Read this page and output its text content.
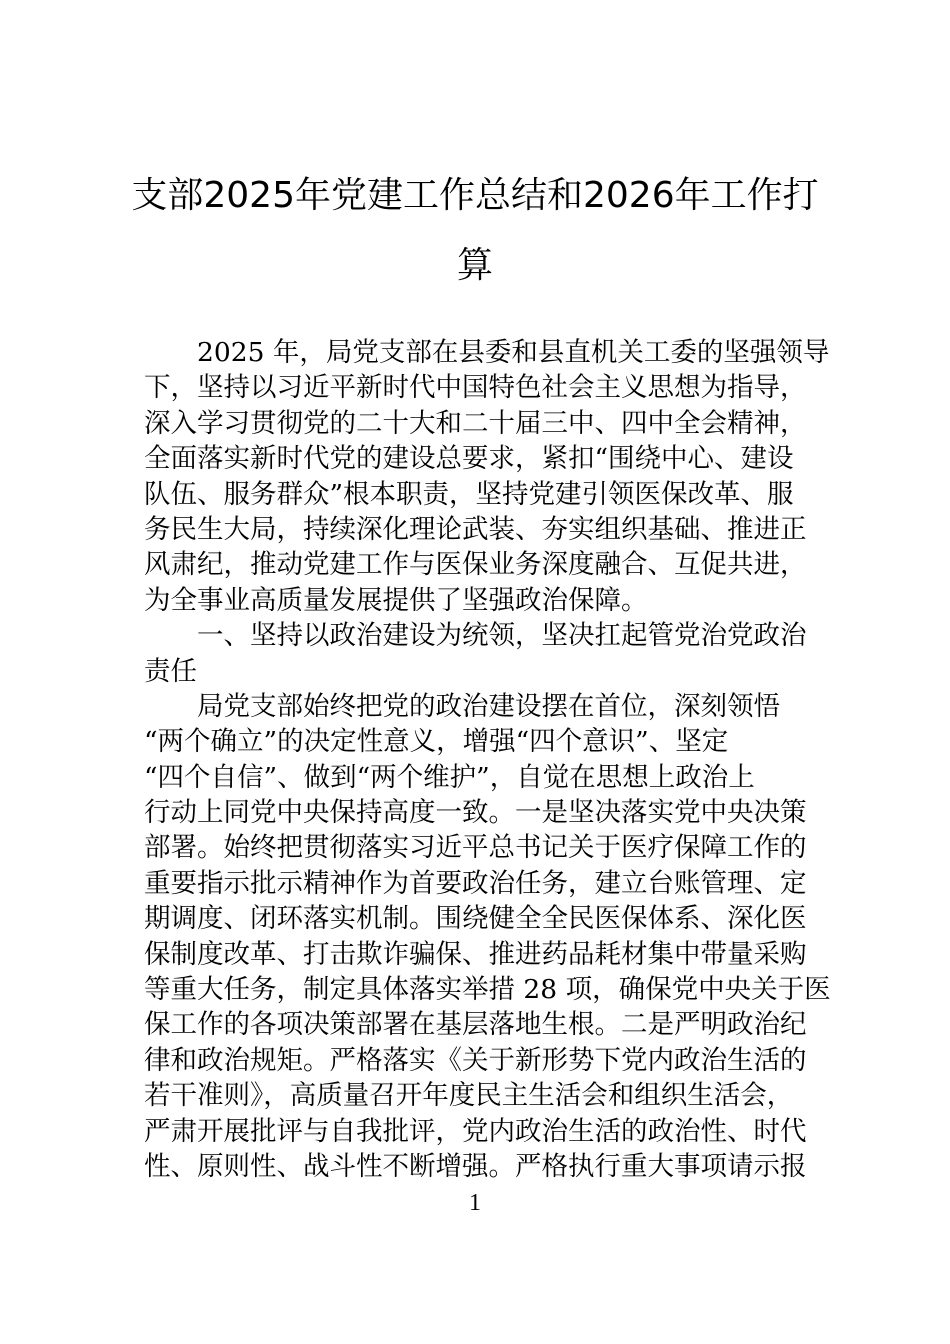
支部2025年党建工作总结和2026年工作打
算
2025 年，局党支部在县委和县直机关工委的坚强领导
下，坚持以习近平新时代中国特色社会主义思想为指导，
深入学习贯彻党的二十大和二十届三中、四中全会精神，
全面落实新时代党的建设总要求，紧扣“围绕中心、建设
队伍、服务群众”根本职责，坚持党建引领医保改革、服
务民生大局，持续深化理论武装、夯实组织基础、推进正
风肃纪，推动党建工作与医保业务深度融合、互促共进，
为全事业高质量发展提供了坚强政治保障。
一、坚持以政治建设为统领，坚决扛起管党治党政治
责任
局党支部始终把党的政治建设摆在首位，深刻领悟
“两个确立”的决定性意义，增强“四个意识”、坚定
“四个自信”、做到“两个维护”，自觉在思想上政治上
行动上同党中央保持高度一致。一是坚决落实党中央决策
部署。始终把贯彻落实习近平总书记关于医疗保障工作的
重要指示批示精神作为首要政治任务，建立台账管理、定
期调度、闭环落实机制。围绕健全全民医保体系、深化医
保制度改革、打击欺诈骗保、推进药品耗材集中带量采购
等重大任务，制定具体落实举措 28 项，确保党中央关于医
保工作的各项决策部署在基层落地生根。二是严明政治纪
律和政治规矩。严格落实《关于新形势下党内政治生活的
若干准则》，高质量召开年度民主生活会和组织生活会，
严肃开展批评与自我批评，党内政治生活的政治性、时代
性、原则性、战斗性不断增强。严格执行重大事项请示报
1
